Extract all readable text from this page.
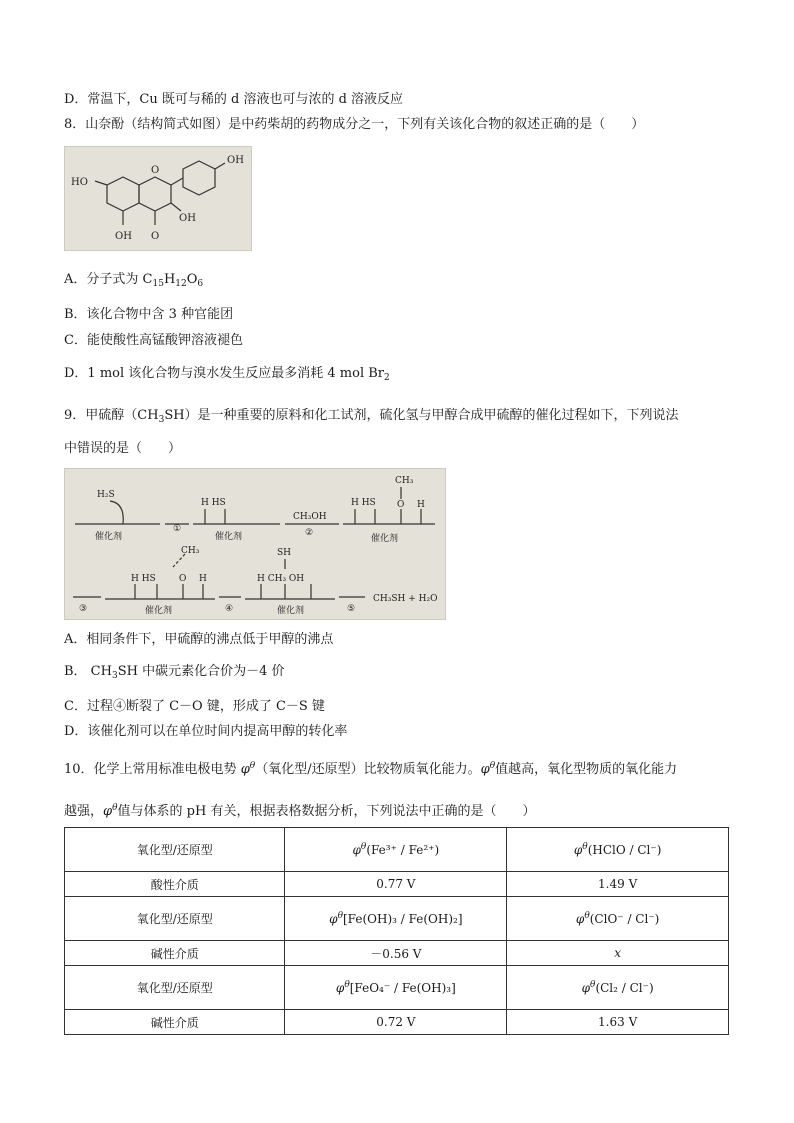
D．常温下，Cu 既可与稀的 d 溶液也可与浓的 d 溶液反应
8．山奈酚（结构简式如图）是中药柴胡的药物成分之一，下列有关该化合物的叙述正确的是（　　）
HO
O
OH
OH
OH O
A．分子式为 $C_{15}H_{12}O_6$
B．该化合物中含 3 种官能团
C．能使酸性高锰酸钾溶液褪色
D．1 mol 该化合物与溴水发生反应最多消耗 4 mol $Br_2$
9．甲硫醇$(CH_3SH)$是一种重要的原料和化工试剂，硫化氢与甲醇合成甲硫醇的催化过程如下，下列说法
中错误的是（　　）
H₂S
催化剂
①
H HS
催化剂
CH₃OH
②
H HS
CH₃
O H
催化剂
CH₃
H HS	O H
催化剂
③	④
SH
H CH₃ OH
催化剂	⑤
CH₃SH + H₂O
A．相同条件下，甲硫醇的沸点低于甲醇的沸点
B． $CH_3SH$ 中碳元素化合价为－4 价
C．过程④断裂了 C－O 键，形成了 C－S 键
D．该催化剂可以在单位时间内提高甲醇的转化率
10．化学上常用标准电极电势 $\varphi^\theta$（氧化型/还原型）比较物质氧化能力。$\varphi^\theta$值越高，氧化型物质的氧化能力
越强，$\varphi^\theta$值与体系的 pH 有关，根据表格数据分析，下列说法中正确的是（　　）
氧化型/还原型	$\varphi^\theta(Fe^{3+} / Fe^{2+})$	$\varphi^\theta(HClO / Cl^-)$
酸性介质	0.77 V	1.49 V
氧化型/还原型	$\varphi^\theta[Fe(OH)_3 / Fe(OH)_2]$	$\varphi^\theta(ClO^- / Cl^-)$
碱性介质	－0.56 V	x
氧化型/还原型	$\varphi^\theta[FeO_4^- / Fe(OH)_3]$	$\varphi^\theta(Cl_2 / Cl^-)$
碱性介质	0.72 V	1.63 V
